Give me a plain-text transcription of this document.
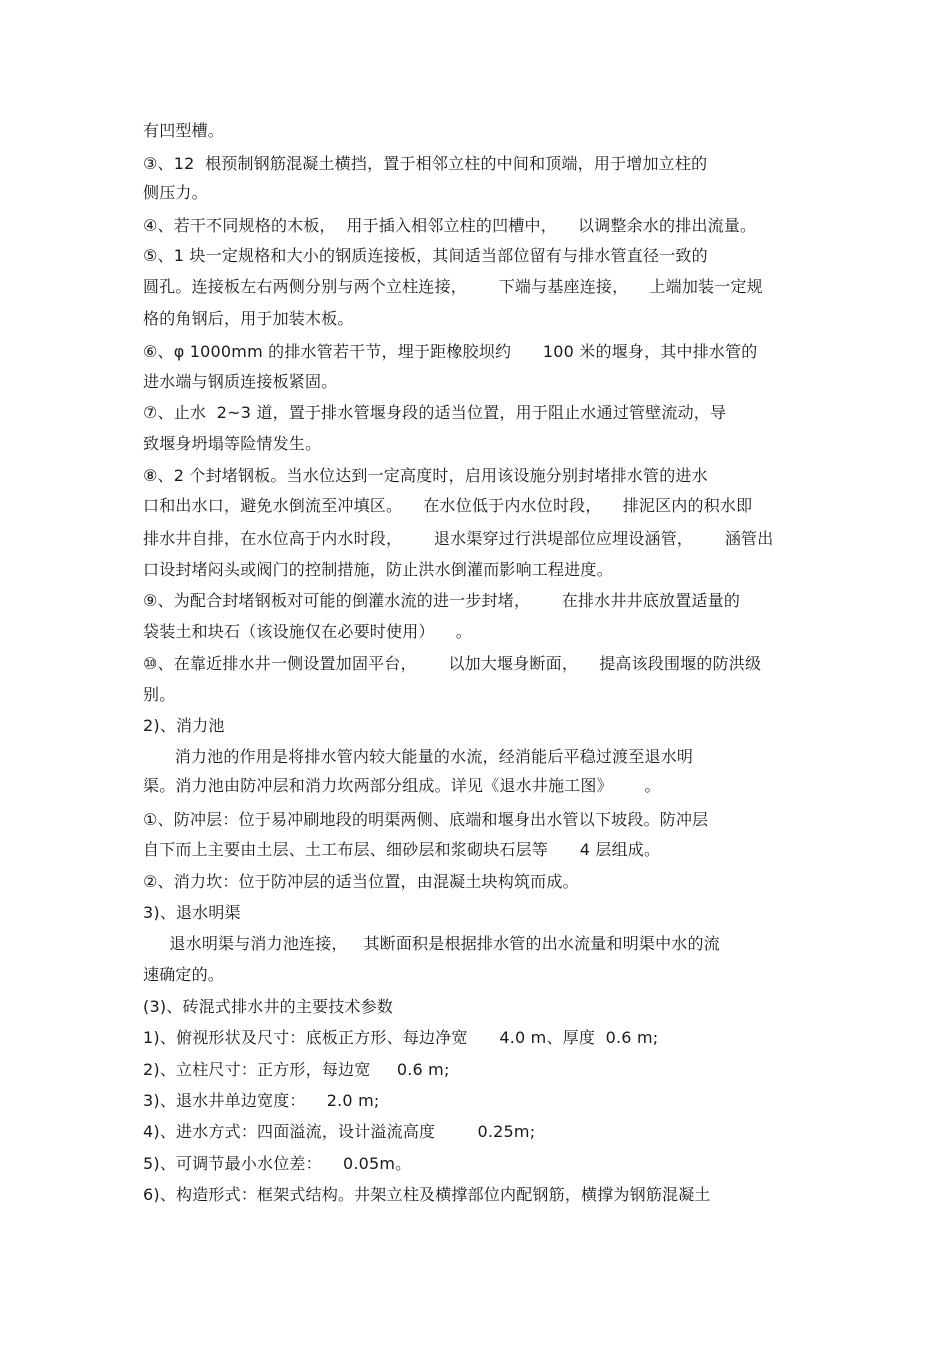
有凹型槽。
③、12  根预制钢筋混凝土横挡，置于相邻立柱的中间和顶端，用于增加立柱的
侧压力。
④、若干不同规格的木板，  用于插入相邻立柱的凹槽中，    以调整余水的排出流量。
⑤、1 块一定规格和大小的钢质连接板，其间适当部位留有与排水管直径一致的
圆孔。连接板左右两侧分别与两个立柱连接，      下端与基座连接，    上端加装一定规
格的角钢后，用于加装木板。
⑥、φ 1000mm 的排水管若干节，埋于距橡胶坝约      100 米的堰身，其中排水管的
进水端与钢质连接板紧固。
⑦、止水  2~3 道，置于排水管堰身段的适当位置，用于阻止水通过管壁流动，导
致堰身坍塌等险情发生。
⑧、2 个封堵钢板。当水位达到一定高度时，启用该设施分别封堵排水管的进水
口和出水口，避免水倒流至冲填区。    在水位低于内水位时段，    排泥区内的积水即
排水井自排，在水位高于内水时段，      退水渠穿过行洪堤部位应埋设涵管，      涵管出
口设封堵闷头或阀门的控制措施，防止洪水倒灌而影响工程进度。
⑨、为配合封堵钢板对可能的倒灌水流的进一步封堵，      在排水井井底放置适量的
袋装土和块石（该设施仅在必要时使用）    。
⑩、在靠近排水井一侧设置加固平台，      以加大堰身断面，    提高该段围堰的防洪级
别。
2)、消力池
消力池的作用是将排水管内较大能量的水流，经消能后平稳过渡至退水明
渠。消力池由防冲层和消力坎两部分组成。详见《退水井施工图》      。
①、防冲层：位于易冲刷地段的明渠两侧、底端和堰身出水管以下坡段。防冲层
自下而上主要由土层、土工布层、细砂层和浆砌块石层等      4 层组成。
②、消力坎：位于防冲层的适当位置，由混凝土块构筑而成。
3)、退水明渠
退水明渠与消力池连接，   其断面积是根据排水管的出水流量和明渠中水的流
速确定的。
(3)、砖混式排水井的主要技术参数
1)、俯视形状及尺寸：底板正方形、每边净宽      4.0 m、厚度  0.6 m;
2)、立柱尺寸：正方形，每边宽     0.6 m;
3)、退水井单边宽度：    2.0 m;
4)、进水方式：四面溢流，设计溢流高度        0.25m;
5)、可调节最小水位差：    0.05m。
6)、构造形式：框架式结构。井架立柱及横撑部位内配钢筋，横撑为钢筋混凝土
